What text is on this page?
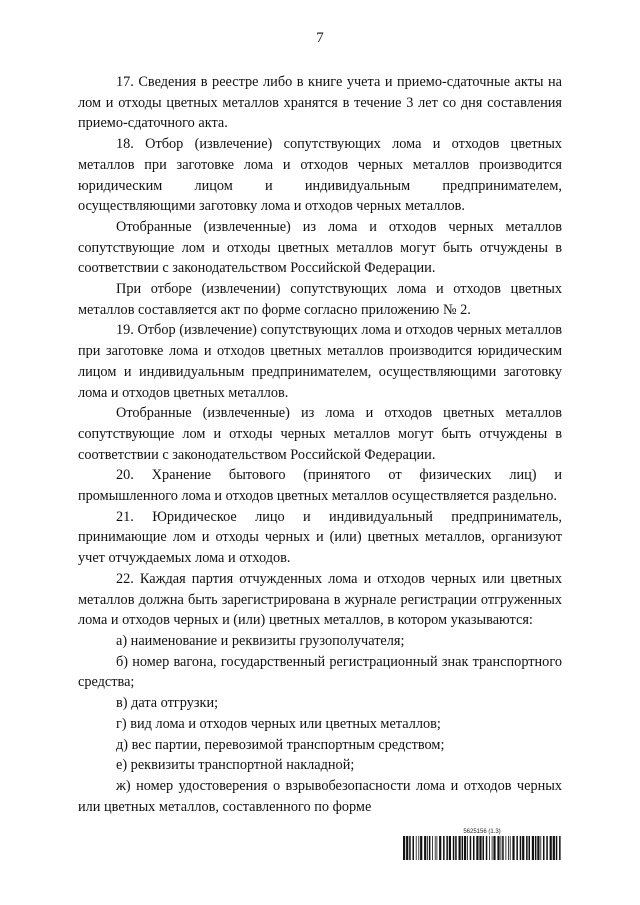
7

17. Сведения в реестре либо в книге учета и приемо-сдаточные акты на лом и отходы цветных металлов хранятся в течение 3 лет со дня составления приемо-сдаточного акта.

18. Отбор (извлечение) сопутствующих лома и отходов цветных металлов при заготовке лома и отходов черных металлов производится юридическим лицом и индивидуальным предпринимателем, осуществляющими заготовку лома и отходов черных металлов.

Отобранные (извлеченные) из лома и отходов черных металлов сопутствующие лом и отходы цветных металлов могут быть отчуждены в соответствии с законодательством Российской Федерации.

При отборе (извлечении) сопутствующих лома и отходов цветных металлов составляется акт по форме согласно приложению № 2.

19. Отбор (извлечение) сопутствующих лома и отходов черных металлов при заготовке лома и отходов цветных металлов производится юридическим лицом и индивидуальным предпринимателем, осуществляющими заготовку лома и отходов цветных металлов.

Отобранные (извлеченные) из лома и отходов цветных металлов сопутствующие лом и отходы черных металлов могут быть отчуждены в соответствии с законодательством Российской Федерации.

20. Хранение бытового (принятого от физических лиц) и промышленного лома и отходов цветных металлов осуществляется раздельно.

21. Юридическое лицо и индивидуальный предприниматель, принимающие лом и отходы черных и (или) цветных металлов, организуют учет отчуждаемых лома и отходов.

22. Каждая партия отчужденных лома и отходов черных или цветных металлов должна быть зарегистрирована в журнале регистрации отгруженных лома и отходов черных и (или) цветных металлов, в котором указываются:

а) наименование и реквизиты грузополучателя;

б) номер вагона, государственный регистрационный знак транспортного средства;

в) дата отгрузки;

г) вид лома и отходов черных или цветных металлов;

д) вес партии, перевозимой транспортным средством;

е) реквизиты транспортной накладной;

ж) номер удостоверения о взрывобезопасности лома и отходов черных или цветных металлов, составленного по форме

5625156 (1.3)
